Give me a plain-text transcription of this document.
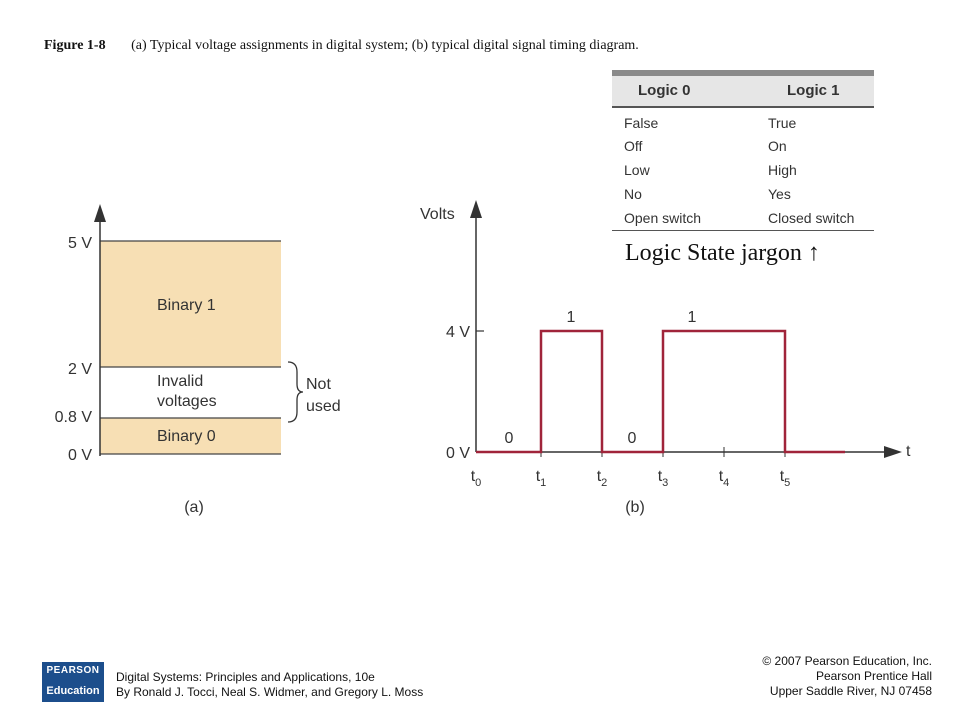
Figure 1-8 (a) Typical voltage assignments in digital system; (b) typical digital signal timing diagram.
Logic 0	Logic 1
False	True
Off	On
Low	High
No	Yes
Open switch	Closed switch
Logic State jargon ↑
5 V
2 V
0.8 V
0 V
Binary 1
Invalid
voltages
Binary 0
Not
used
(a)
Volts
t
4 V
0 V
0
1
0
1
$t_0$	$t_1$	$t_2$	$t_3$	$t_4$	$t_5$
(b)
PEARSON
Education
Digital Systems: Principles and Applications, 10e
By Ronald J. Tocci, Neal S. Widmer, and Gregory L. Moss
© 2007 Pearson Education, Inc.
Pearson Prentice Hall
Upper Saddle River, NJ 07458
